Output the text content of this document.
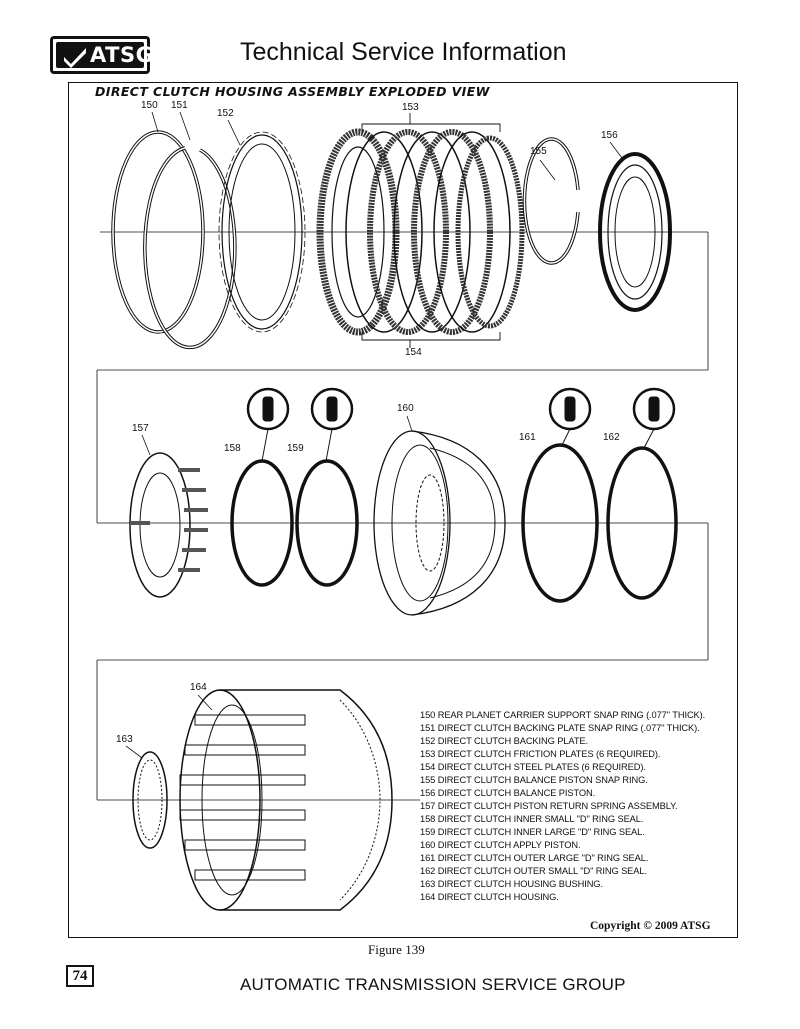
ATSG	Technical Service Information
DIRECT CLUTCH HOUSING ASSEMBLY EXPLODED VIEW
150 151
152
153
154
155
156
157
158	159
160
161	162
163
164
150 REAR PLANET CARRIER SUPPORT SNAP RING (.077" THICK).
151 DIRECT CLUTCH BACKING PLATE SNAP RING (.077" THICK).
152 DIRECT CLUTCH BACKING PLATE.
153 DIRECT CLUTCH FRICTION PLATES (6 REQUIRED).
154 DIRECT CLUTCH STEEL PLATES (6 REQUIRED).
155 DIRECT CLUTCH BALANCE PISTON SNAP RING.
156 DIRECT CLUTCH BALANCE PISTON.
157 DIRECT CLUTCH PISTON RETURN SPRING ASSEMBLY.
158 DIRECT CLUTCH INNER SMALL "D" RING SEAL.
159 DIRECT CLUTCH INNER LARGE "D" RING SEAL.
160 DIRECT CLUTCH APPLY PISTON.
161 DIRECT CLUTCH OUTER LARGE "D" RING SEAL.
162 DIRECT CLUTCH OUTER SMALL "D" RING SEAL.
163 DIRECT CLUTCH HOUSING BUSHING.
164 DIRECT CLUTCH HOUSING.
Copyright © 2009 ATSG
Figure 139
74	AUTOMATIC TRANSMISSION SERVICE GROUP
